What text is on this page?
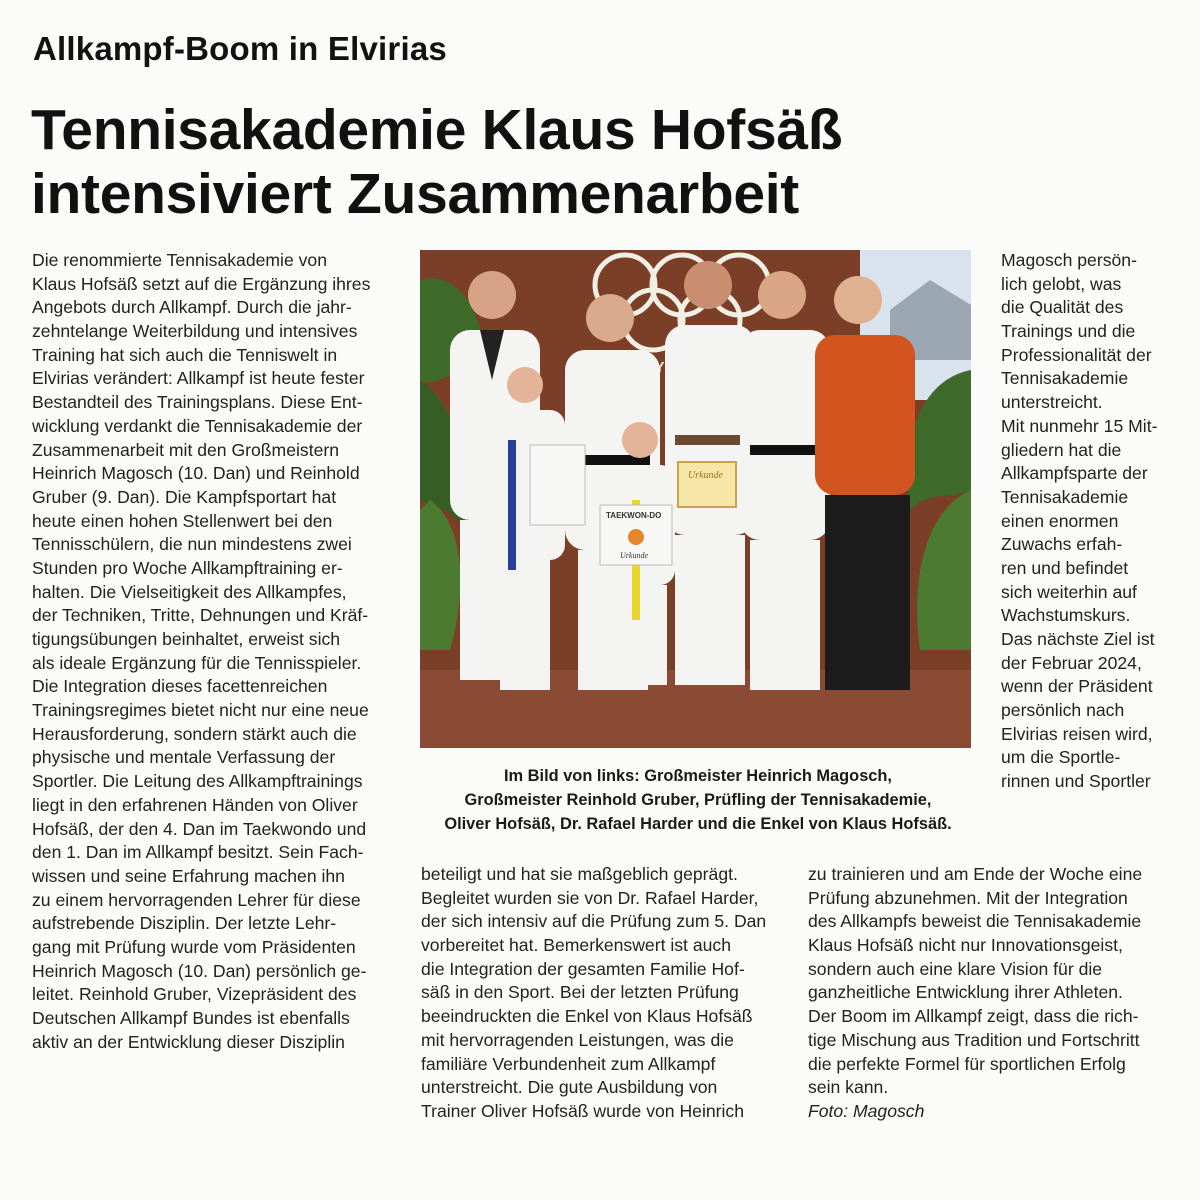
Allkampf-Boom in Elvirias
Tennisakademie Klaus Hofsäß
intensiviert Zusammenarbeit
Die renommierte Tennisakademie von
Klaus Hofsäß setzt auf die Ergänzung ihres
Angebots durch Allkampf. Durch die jahr-
zehntelange Weiterbildung und intensives
Training hat sich auch die Tenniswelt in
Elvirias verändert: Allkampf ist heute fester
Bestandteil des Trainingsplans. Diese Ent-
wicklung verdankt die Tennisakademie der
Zusammenarbeit mit den Großmeistern
Heinrich Magosch (10. Dan) und Reinhold
Gruber (9. Dan). Die Kampfsportart hat
heute einen hohen Stellenwert bei den
Tennisschülern, die nun mindestens zwei
Stunden pro Woche Allkampftraining er-
halten. Die Vielseitigkeit des Allkampfes,
der Techniken, Tritte, Dehnungen und Kräf-
tigungsübungen beinhaltet, erweist sich
als ideale Ergänzung für die Tennisspieler.
Die Integration dieses facettenreichen
Trainingsregimes bietet nicht nur eine neue
Herausforderung, sondern stärkt auch die
physische und mentale Verfassung der
Sportler. Die Leitung des Allkampftrainings
liegt in den erfahrenen Händen von Oliver
Hofsäß, der den 4. Dan im Taekwondo und
den 1. Dan im Allkampf besitzt. Sein Fach-
wissen und seine Erfahrung machen ihn
zu einem hervorragenden Lehrer für diese
aufstrebende Disziplin. Der letzte Lehr-
gang mit Prüfung wurde vom Präsidenten
Heinrich Magosch (10. Dan) persönlich ge-
leitet. Reinhold Gruber, Vizepräsident des
Deutschen Allkampf Bundes ist ebenfalls
aktiv an der Entwicklung dieser Disziplin
Urkunde
TAEKWON-DO
Urkunde
Im Bild von links: Großmeister Heinrich Magosch,
Großmeister Reinhold Gruber, Prüfling der Tennisakademie,
Oliver Hofsäß, Dr. Rafael Harder und die Enkel von Klaus Hofsäß.
Magosch persön-
lich gelobt, was
die Qualität des
Trainings und die
Professionalität der
Tennisakademie
unterstreicht.
Mit nunmehr 15 Mit-
gliedern hat die
Allkampfsparte der
Tennisakademie
einen enormen
Zuwachs erfah-
ren und befindet
sich weiterhin auf
Wachstumskurs.
Das nächste Ziel ist
der Februar 2024,
wenn der Präsident
persönlich nach
Elvirias reisen wird,
um die Sportle-
rinnen und Sportler
beteiligt und hat sie maßgeblich geprägt.
Begleitet wurden sie von Dr. Rafael Harder,
der sich intensiv auf die Prüfung zum 5. Dan
vorbereitet hat. Bemerkenswert ist auch
die Integration der gesamten Familie Hof-
säß in den Sport. Bei der letzten Prüfung
beeindruckten die Enkel von Klaus Hofsäß
mit hervorragenden Leistungen, was die
familiäre Verbundenheit zum Allkampf
unterstreicht. Die gute Ausbildung von
Trainer Oliver Hofsäß wurde von Heinrich
zu trainieren und am Ende der Woche eine
Prüfung abzunehmen. Mit der Integration
des Allkampfs beweist die Tennisakademie
Klaus Hofsäß nicht nur Innovationsgeist,
sondern auch eine klare Vision für die
ganzheitliche Entwicklung ihrer Athleten.
Der Boom im Allkampf zeigt, dass die rich-
tige Mischung aus Tradition und Fortschritt
die perfekte Formel für sportlichen Erfolg
sein kann.
Foto: Magosch
